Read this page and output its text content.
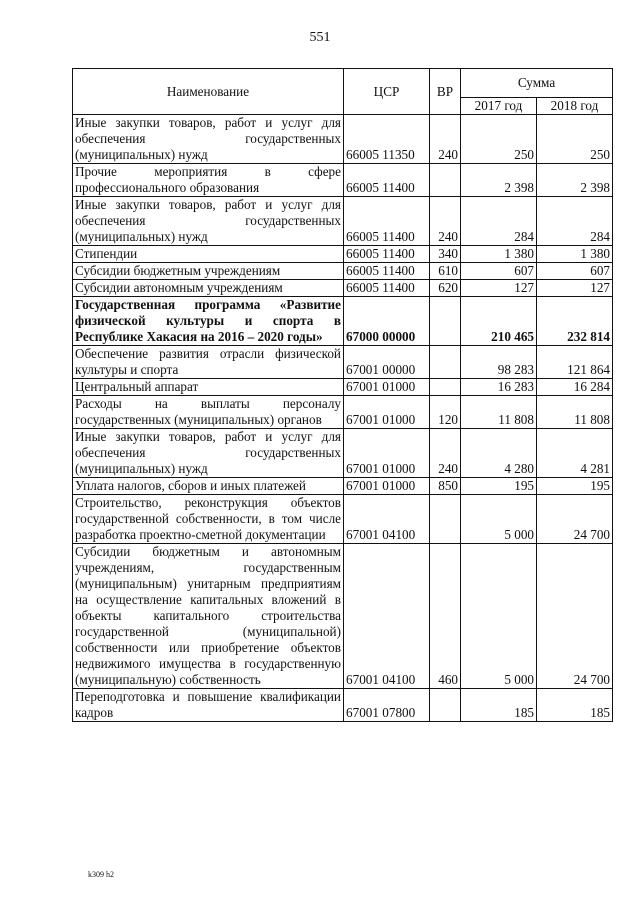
551
Наименование	ЦСР	ВР	Сумма	
			2017 год	2018 год
Иные закупки товаров, работ и услуг для обеспечения государственных (муниципальных) нужд	66005 11350	240	250	250
Прочие мероприятия в сфере профессионального образования	66005 11400		2 398	2 398
Иные закупки товаров, работ и услуг для обеспечения государственных (муниципальных) нужд	66005 11400	240	284	284
Стипендии	66005 11400	340	1 380	1 380
Субсидии бюджетным учреждениям	66005 11400	610	607	607
Субсидии автономным учреждениям	66005 11400	620	127	127
Государственная программа «Развитие физической культуры и спорта в Республике Хакасия на 2016 – 2020 годы»	67000 00000		210 465	232 814
Обеспечение развития отрасли физической культуры и спорта	67001 00000		98 283	121 864
Центральный аппарат	67001 01000		16 283	16 284
Расходы на выплаты персоналу государственных (муниципальных) органов	67001 01000	120	11 808	11 808
Иные закупки товаров, работ и услуг для обеспечения государственных (муниципальных) нужд	67001 01000	240	4 280	4 281
Уплата налогов, сборов и иных платежей	67001 01000	850	195	195
Строительство, реконструкция объектов государственной собственности, в том числе разработка проектно-сметной документации	67001 04100		5 000	24 700
Субсидии бюджетным и автономным учреждениям, государственным (муниципальным) унитарным предприятиям на осуществление капитальных вложений в объекты капитального строительства государственной (муниципальной) собственности или приобретение объектов недвижимого имущества в государственную (муниципальную) собственность	67001 04100	460	5 000	24 700
Переподготовка и повышение квалификации кадров	67001 07800		185	185
k309 h2
